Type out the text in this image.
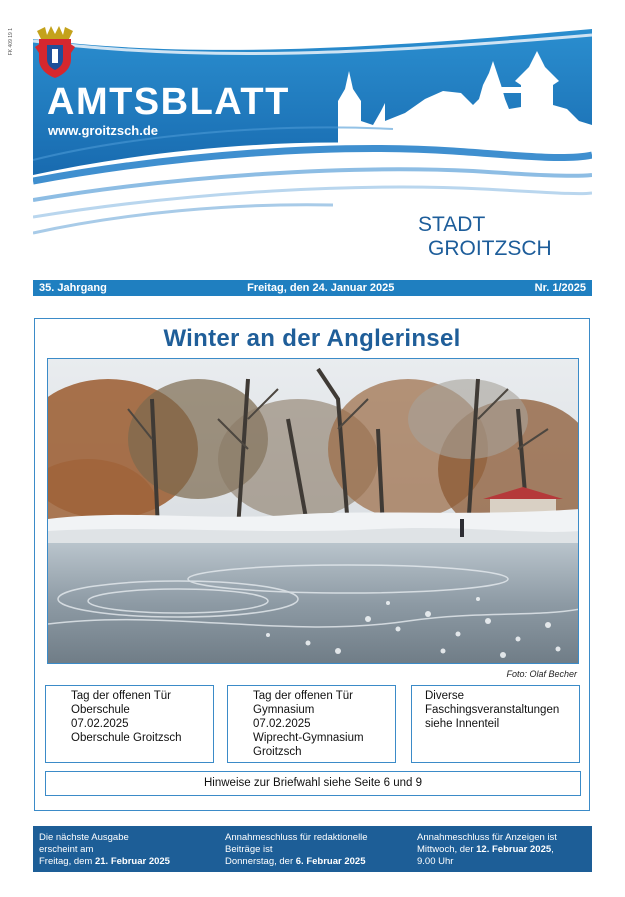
FK 409 19 1
AMTSBLATT
www.groitzsch.de
STADT
GROITZSCH
35. Jahrgang	Freitag, den 24. Januar 2025	Nr. 1/2025
Winter an der Anglerinsel
Foto: Olaf Becher
Tag der offenen Tür
Oberschule
07.02.2025
Oberschule Groitzsch
Tag der offenen Tür
Gymnasium
07.02.2025
Wiprecht-Gymnasium
Groitzsch
Diverse
Faschingsveranstaltungen
siehe Innenteil
Hinweise zur Briefwahl siehe Seite 6 und 9
Die nächste Ausgabe
erscheint am
Freitag, dem 21. Februar 2025
Annahmeschluss für redaktionelle
Beiträge ist
Donnerstag, der 6. Februar 2025
Annahmeschluss für Anzeigen ist
Mittwoch, der 12. Februar 2025,
9.00 Uhr
